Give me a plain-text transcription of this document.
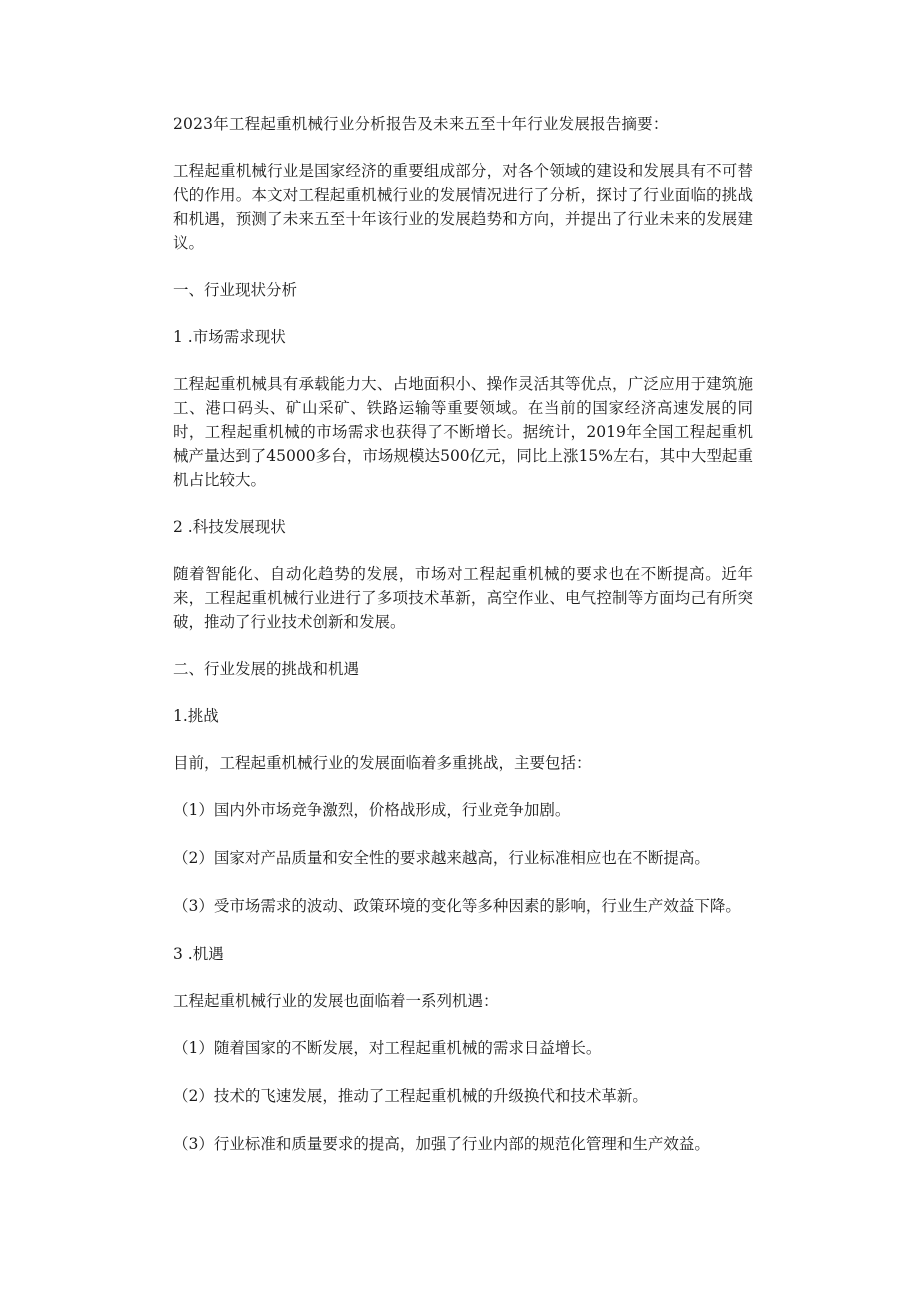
2023年工程起重机械行业分析报告及未来五至十年行业发展报告摘要：

工程起重机械行业是国家经济的重要组成部分，对各个领域的建设和发展具有不可替代的作用。本文对工程起重机械行业的发展情况进行了分析，探讨了行业面临的挑战和机遇，预测了未来五至十年该行业的发展趋势和方向，并提出了行业未来的发展建议。

一、行业现状分析

1 .市场需求现状

工程起重机械具有承载能力大、占地面积小、操作灵活其等优点，广泛应用于建筑施工、港口码头、矿山采矿、铁路运输等重要领域。在当前的国家经济高速发展的同时，工程起重机械的市场需求也获得了不断增长。据统计，2019年全国工程起重机械产量达到了45000多台，市场规模达500亿元，同比上涨15%左右，其中大型起重机占比较大。

2 .科技发展现状

随着智能化、自动化趋势的发展，市场对工程起重机械的要求也在不断提高。近年来，工程起重机械行业进行了多项技术革新，高空作业、电气控制等方面均己有所突破，推动了行业技术创新和发展。

二、行业发展的挑战和机遇

1.挑战

目前，工程起重机械行业的发展面临着多重挑战，主要包括：

（1）国内外市场竞争激烈，价格战形成，行业竞争加剧。

（2）国家对产品质量和安全性的要求越来越高，行业标准相应也在不断提高。

（3）受市场需求的波动、政策环境的变化等多种因素的影响，行业生产效益下降。

3 .机遇

工程起重机械行业的发展也面临着一系列机遇：

（1）随着国家的不断发展，对工程起重机械的需求日益增长。

（2）技术的飞速发展，推动了工程起重机械的升级换代和技术革新。

（3）行业标准和质量要求的提高，加强了行业内部的规范化管理和生产效益。
